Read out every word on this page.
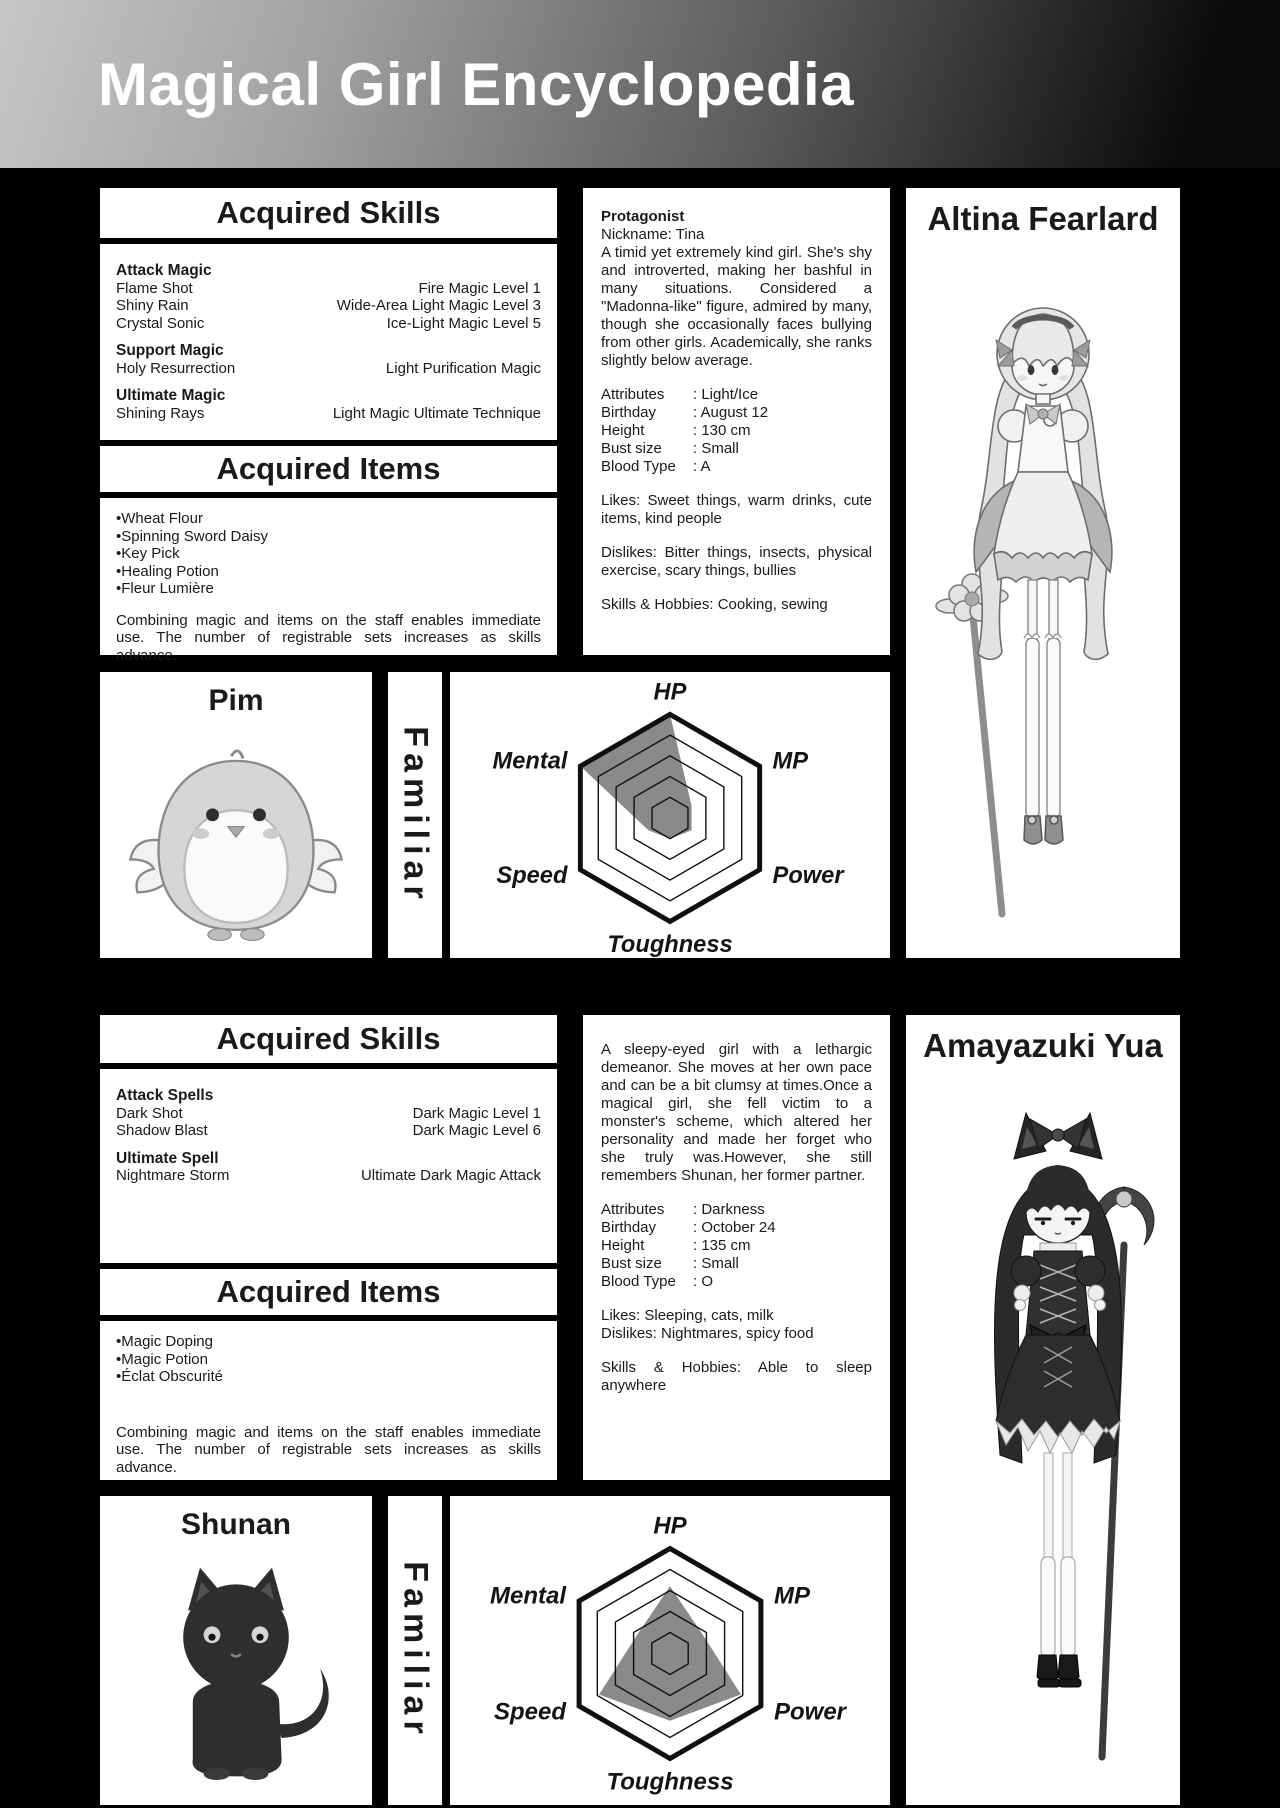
Magical Girl Encyclopedia
Acquired Skills
Attack Magic
Flame Shot	Fire Magic Level 1
Shiny Rain	Wide-Area Light Magic Level 3
Crystal Sonic	Ice-Light Magic Level 5
Support Magic
Holy Resurrection	Light Purification Magic
Ultimate Magic
Shining Rays	Light Magic Ultimate Technique
Acquired Items
•Wheat Flour
•Spinning Sword Daisy
•Key Pick
•Healing Potion
•Fleur Lumière
Combining magic and items on the staff enables immediate use. The number of registrable sets increases as skills advance.
Protagonist
Nickname: Tina
A timid yet extremely kind girl. She's shy and introverted, making her bashful in many situations. Considered a "Madonna-like" figure, admired by many, though she occasionally faces bullying from other girls. Academically, she ranks slightly below average.
Attributes	: Light/Ice
Birthday	: August 12
Height	: 130 cm
Bust size	: Small
Blood Type	: A
Likes: Sweet things, warm drinks, cute items, kind people
Dislikes: Bitter things, insects, physical exercise, scary things, bullies
Skills & Hobbies: Cooking, sewing
Altina Fearlard
Pim
Familiar
HP
MP
Power
Toughness
Speed
Mental
Acquired Skills
Attack Spells
Dark Shot	Dark Magic Level 1
Shadow Blast	Dark Magic Level 6
Ultimate Spell
Nightmare Storm	Ultimate Dark Magic Attack
Acquired Items
•Magic Doping
•Magic Potion
•Éclat Obscurité
Combining magic and items on the staff enables immediate use. The number of registrable sets increases as skills advance.
A sleepy-eyed girl with a lethargic demeanor. She moves at her own pace and can be a bit clumsy at times.Once a magical girl, she fell victim to a monster's scheme, which altered her personality and made her forget who she truly was.However, she still remembers Shunan, her former partner.
Attributes	: Darkness
Birthday	: October 24
Height	: 135 cm
Bust size	: Small
Blood Type	: O
Likes: Sleeping, cats, milk
Dislikes: Nightmares, spicy food
Skills & Hobbies: Able to sleep anywhere
Amayazuki Yua
Shunan
Familiar
HP
MP
Power
Toughness
Speed
Mental
